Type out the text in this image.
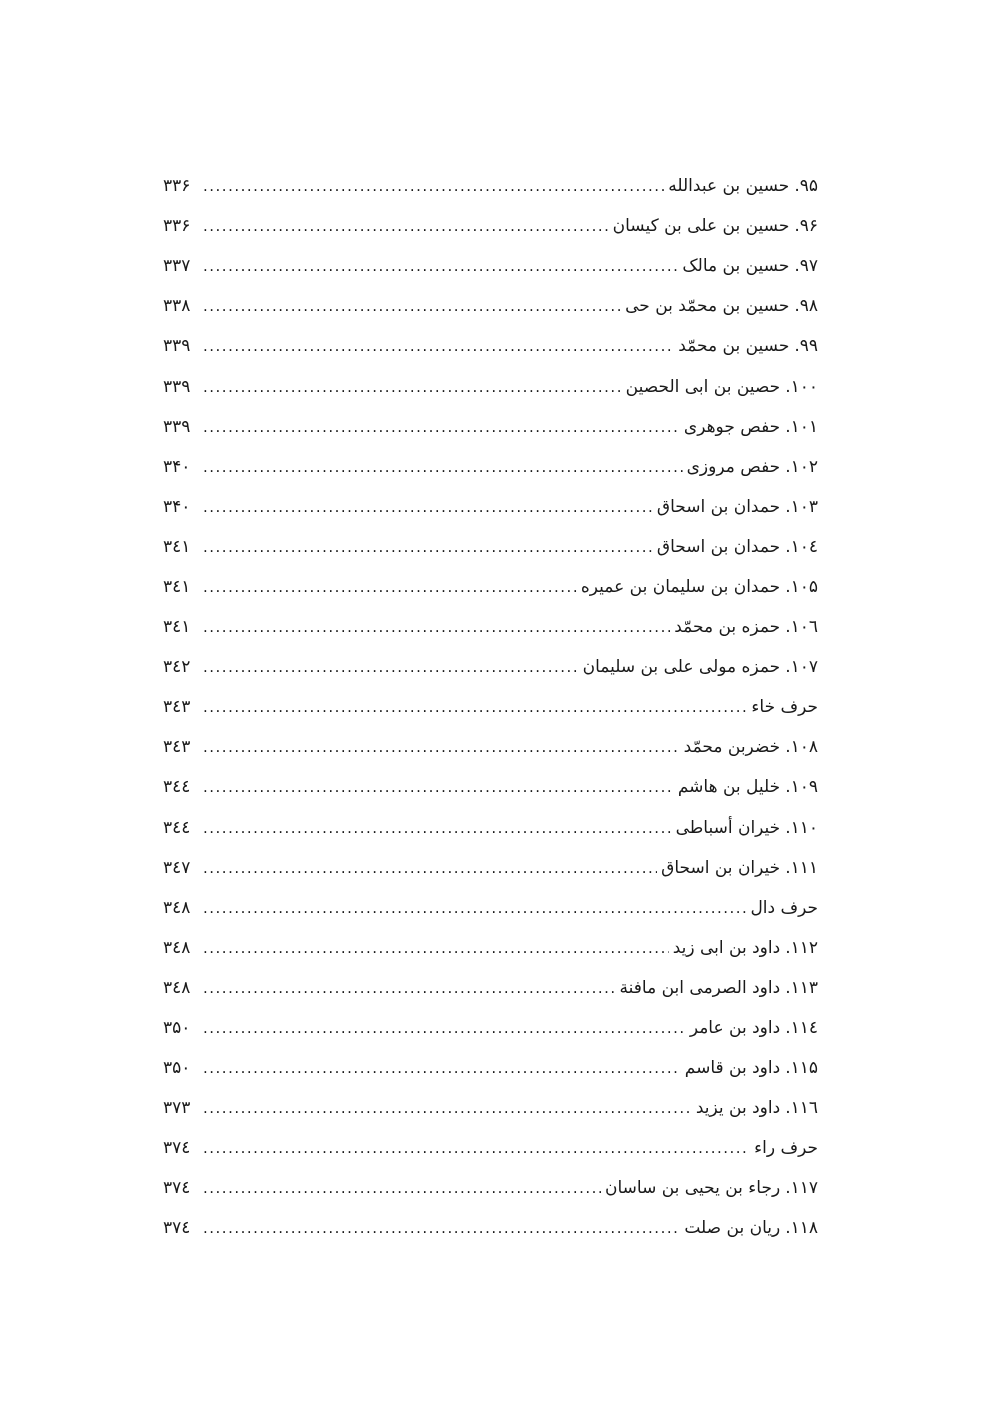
۹۵.
حسین بن عبدالله
.....
۳۳۶
۹۶.
حسین بن علی بن کیسان
.....
۳۳۶
۹۷.
حسین بن مالک
.....
۳۳۷
۹۸.
حسین بن محمّد بن حی
.....
۳۳۸
۹۹.
حسین بن محمّد
.....
۳۳۹
۱۰۰.
حصین بن ابی الحصین
.....
۳۳۹
۱۰۱.
حفص جوهری
.....
۳۳۹
۱۰۲.
حفص مروزی
.....
۳۴۰
۱۰۳.
حمدان بن اسحاق
.....
۳۴۰
۱۰٤.
حمدان بن اسحاق
.....
۳٤۱
۱۰۵.
حمدان بن سلیمان بن عمیره
.....
۳٤۱
۱۰٦.
حمزه بن محمّد
.....
۳٤۱
۱۰۷.
حمزه مولی علی بن سلیمان
.....
۳٤۲
حرف خاء
.....
۳٤۳
۱۰۸.
خضربن محمّد
.....
۳٤۳
۱۰۹.
خلیل بن هاشم
.....
۳٤٤
۱۱۰.
خیران أسباطی
.....
۳٤٤
۱۱۱.
خیران بن اسحاق
.....
۳٤۷
حرف دال
.....
۳٤۸
۱۱۲.
داود بن ابی زید
.....
۳٤۸
۱۱۳.
داود الصرمی ابن مافنة
.....
۳٤۸
۱۱٤.
داود بن عامر
.....
۳۵۰
۱۱۵.
داود بن قاسم
.....
۳۵۰
۱۱٦.
داود بن یزید
.....
۳۷۳
حرف راء
.....
۳۷٤
۱۱۷.
رجاء بن یحیی بن ساسان
.....
۳۷٤
۱۱۸.
ریان بن صلت
.....
۳۷٤
